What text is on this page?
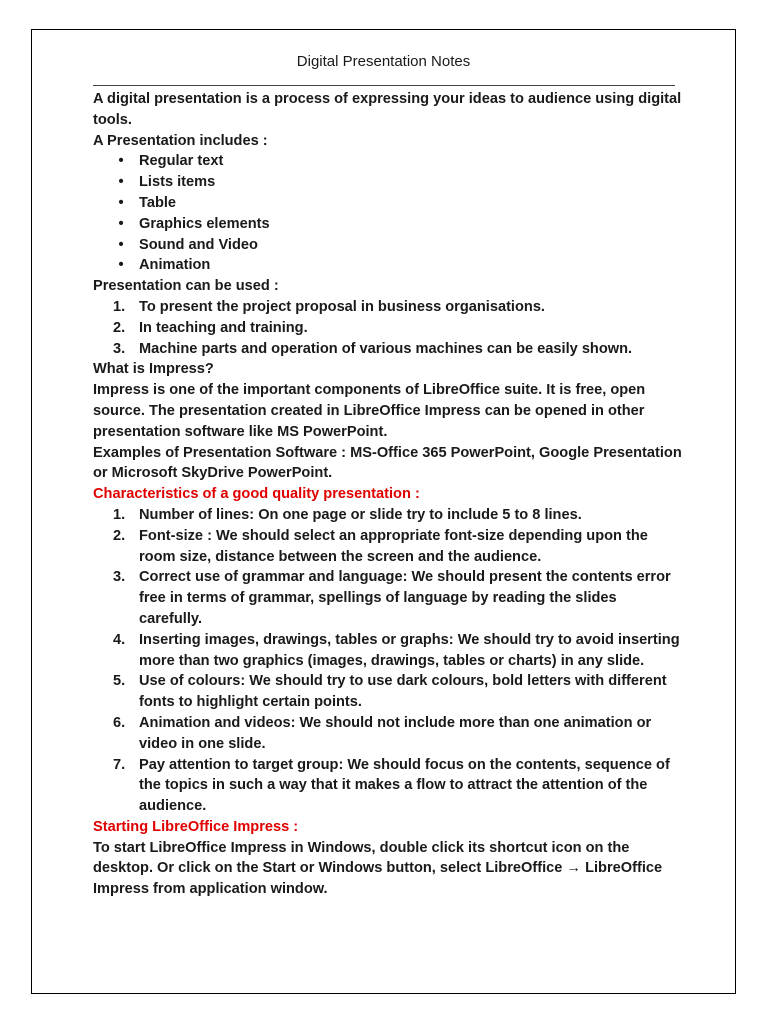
Digital Presentation Notes

A digital presentation is a process of expressing your ideas to audience using digital tools.

A Presentation includes :

• Regular text
• Lists items
• Table
• Graphics elements
• Sound and Video
• Animation

Presentation can be used :

1. To present the project proposal in business organisations.
2. In teaching and training.
3. Machine parts and operation of various machines can be easily shown.

What is Impress?

Impress is one of the important components of LibreOffice suite. It is free, open source. The presentation created in LibreOffice Impress can be opened in other presentation software like MS PowerPoint.

Examples of Presentation Software : MS-Office 365 PowerPoint, Google Presentation or Microsoft SkyDrive PowerPoint.

Characteristics of a good quality presentation :

1. Number of lines: On one page or slide try to include 5 to 8 lines.
2. Font-size : We should select an appropriate font-size depending upon the room size, distance between the screen and the audience.
3. Correct use of grammar and language: We should present the contents error free in terms of grammar, spellings of language by reading the slides carefully.
4. Inserting images, drawings, tables or graphs: We should try to avoid inserting more than two graphics (images, drawings, tables or charts) in any slide.
5. Use of colours: We should try to use dark colours, bold letters with different fonts to highlight certain points.
6. Animation and videos: We should not include more than one animation or video in one slide.
7. Pay attention to target group: We should focus on the contents, sequence of the topics in such a way that it makes a flow to attract the attention of the audience.

Starting LibreOffice Impress :

To start LibreOffice Impress in Windows, double click its shortcut icon on the desktop. Or click on the Start or Windows button, select LibreOffice → LibreOffice Impress from application window.
